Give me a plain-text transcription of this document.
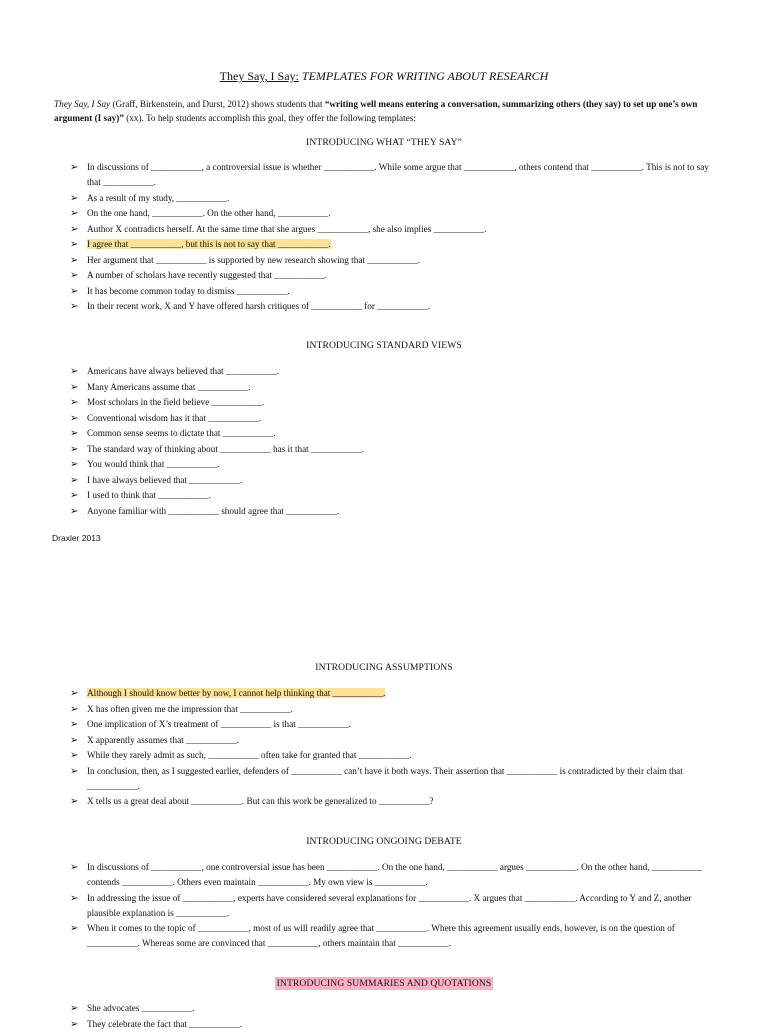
They Say, I Say: TEMPLATES FOR WRITING ABOUT RESEARCH
They Say, I Say (Graff, Birkenstein, and Durst, 2012) shows students that “writing well means entering a conversation, summarizing others (they say) to set up one’s own argument (I say)” (xx). To help students accomplish this goal, they offer the following templates:
INTRODUCING WHAT “THEY SAY”
➢ In discussions of ___________, a controversial issue is whether ___________. While some argue that ___________, others contend that ___________. This is not to say that ___________.
➢ As a result of my study, ___________.
➢ On the one hand, ___________. On the other hand, ___________.
➢ Author X contradicts herself. At the same time that she argues ___________, she also implies ___________.
➢ I agree that ___________, but this is not to say that ___________.
➢ Her argument that ___________ is supported by new research showing that ___________.
➢ A number of scholars have recently suggested that ___________.
➢ It has become common today to dismiss ___________.
➢ In their recent work, X and Y have offered harsh critiques of ___________ for ___________.
INTRODUCING STANDARD VIEWS
➢ Americans have always believed that ___________.
➢ Many Americans assume that ___________.
➢ Most scholars in the field believe ___________.
➢ Conventional wisdom has it that ___________.
➢ Common sense seems to dictate that ___________.
➢ The standard way of thinking about ___________ has it that ___________.
➢ You would think that ___________.
➢ I have always believed that ___________.
➢ I used to think that ___________.
➢ Anyone familiar with ___________ should agree that ___________.
Draxler 2013
INTRODUCING ASSUMPTIONS
➢ Although I should know better by now, I cannot help thinking that ___________.
➢ X has often given me the impression that ___________.
➢ One implication of X’s treatment of ___________ is that ___________.
➢ X apparently assumes that ___________.
➢ While they rarely admit as such, ___________ often take for granted that ___________.
➢ In conclusion, then, as I suggested earlier, defenders of ___________ can’t have it both ways. Their assertion that ___________ is contradicted by their claim that ___________.
➢ X tells us a great deal about ___________. But can this work be generalized to ___________?
INTRODUCING ONGOING DEBATE
➢ In discussions of ___________, one controversial issue has been ___________. On the one hand, ___________ argues ___________. On the other hand, ___________ contends ___________. Others even maintain ___________. My own view is ___________.
➢ In addressing the issue of ___________, experts have considered several explanations for ___________. X argues that ___________. According to Y and Z, another plausible explanation is ___________.
➢ When it comes to the topic of ___________, most of us will readily agree that ___________. Where this agreement usually ends, however, is on the question of ___________. Whereas some are convinced that ___________, others maintain that ___________.
INTRODUCING SUMMARIES AND QUOTATIONS
➢ She advocates ___________.
➢ They celebrate the fact that ___________.
